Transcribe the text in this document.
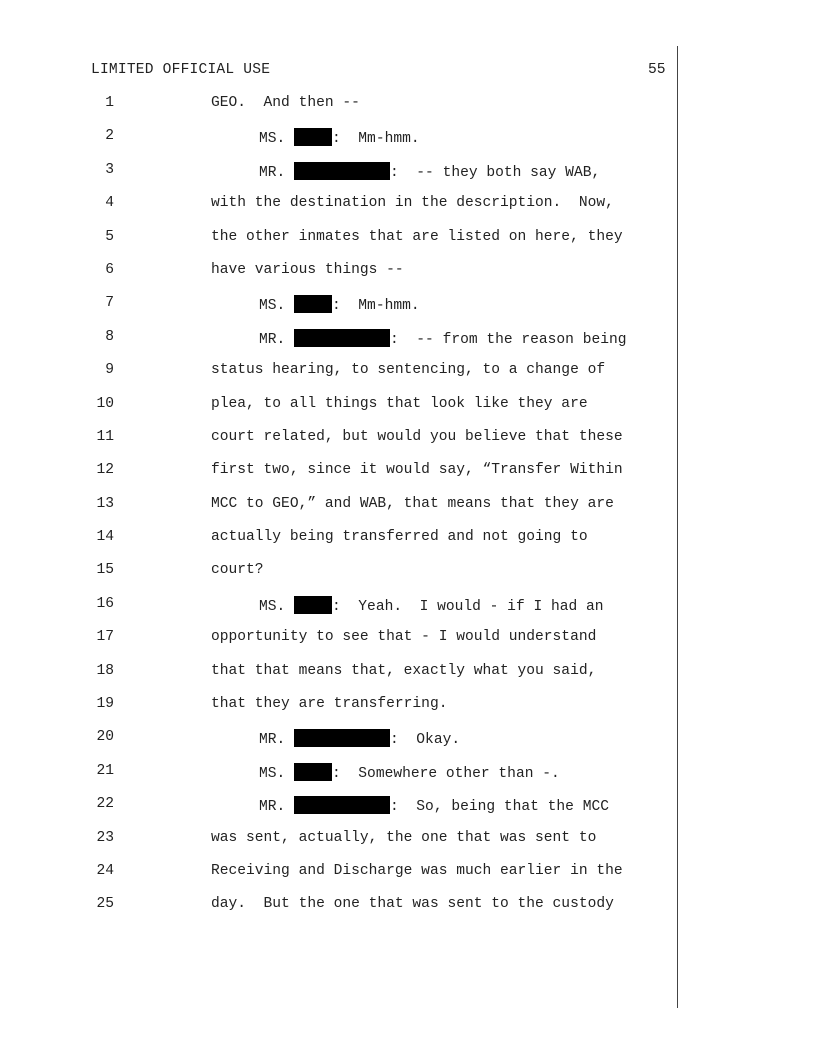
LIMITED OFFICIAL USE	55
1	GEO.  And then --
2	MS.	:  Mm-hmm.
3	MR.	:  -- they both say WAB,
4	with the destination in the description.  Now,
5	the other inmates that are listed on here, they
6	have various things --
7	MS.	:  Mm-hmm.
8	MR.	:  -- from the reason being
9	status hearing, to sentencing, to a change of
10	plea, to all things that look like they are
11	court related, but would you believe that these
12	first two, since it would say, “Transfer Within
13	MCC to GEO,” and WAB, that means that they are
14	actually being transferred and not going to
15	court?
16	MS.	:  Yeah.  I would - if I had an
17	opportunity to see that - I would understand
18	that that means that, exactly what you said,
19	that they are transferring.
20	MR.	:  Okay.
21	MS.	:  Somewhere other than -.
22	MR.	:  So, being that the MCC
23	was sent, actually, the one that was sent to
24	Receiving and Discharge was much earlier in the
25	day.  But the one that was sent to the custody
